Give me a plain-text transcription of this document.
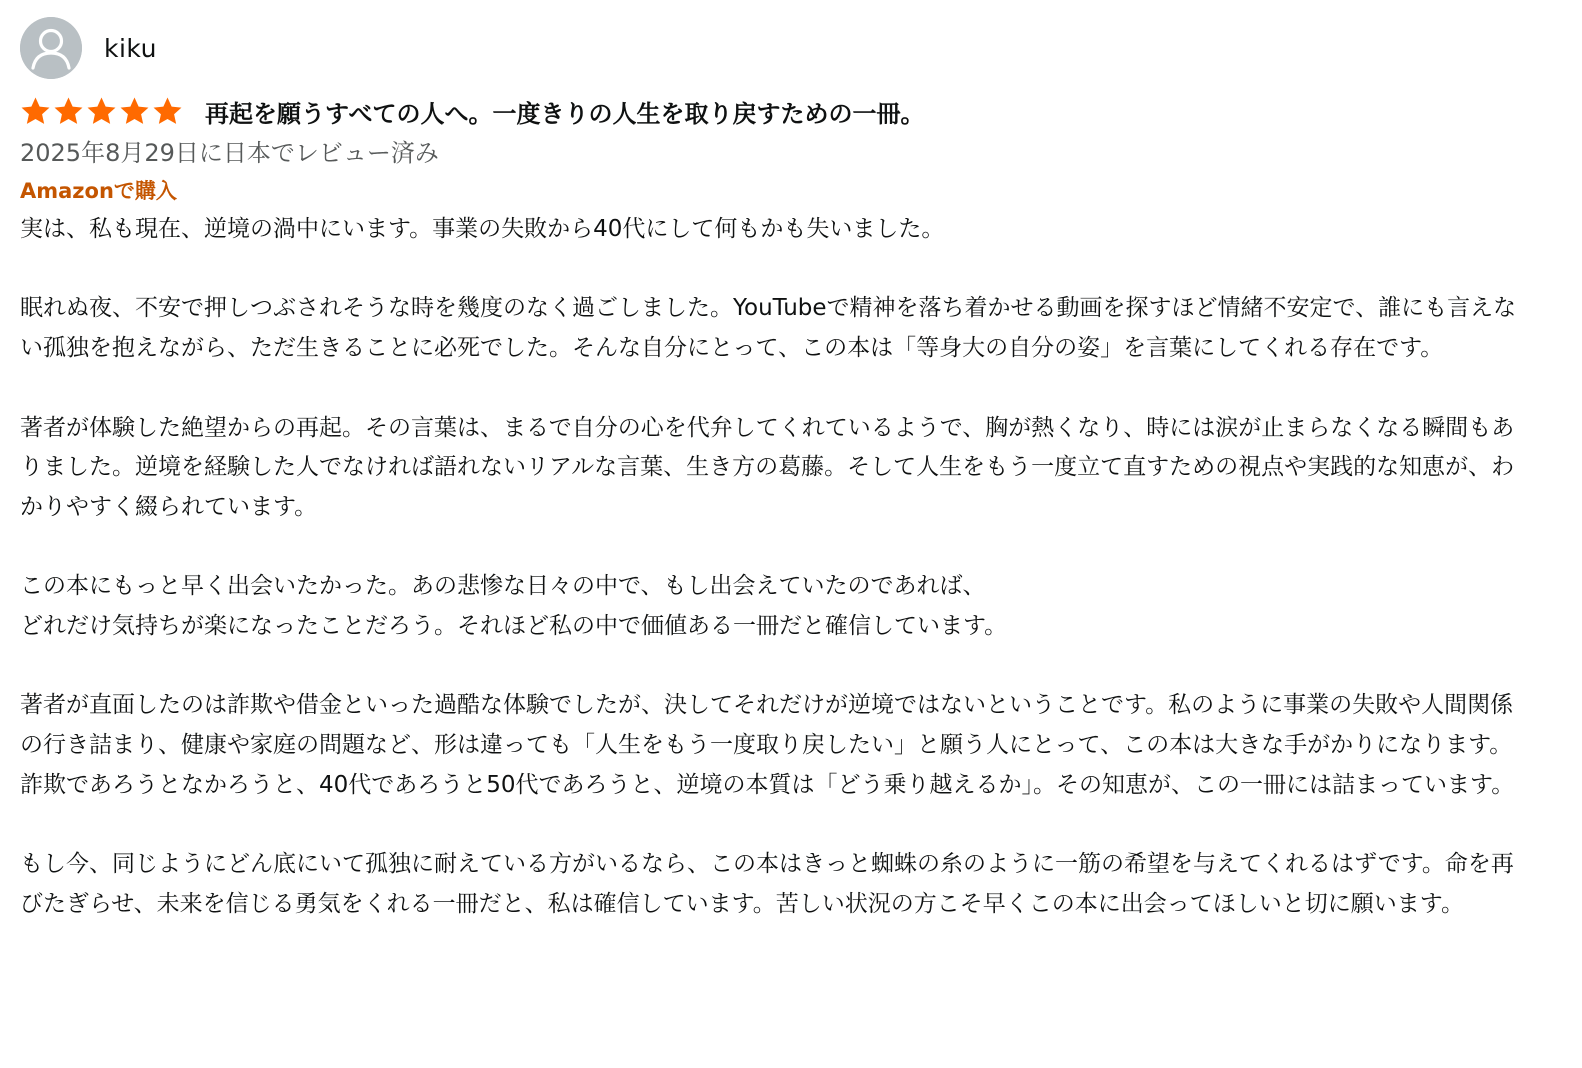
kiku
再起を願うすべての人へ。一度きりの人生を取り戻すための一冊。
2025年8月29日に日本でレビュー済み
Amazonで購入
実は、私も現在、逆境の渦中にいます。事業の失敗から40代にして何もかも失いました。

眠れぬ夜、不安で押しつぶされそうな時を幾度のなく過ごしました。YouTubeで精神を落ち着かせる動画を探すほど情緒不安定で、誰にも言えない孤独を抱えながら、ただ生きることに必死でした。そんな自分にとって、この本は「等身大の自分の姿」を言葉にしてくれる存在です。

著者が体験した絶望からの再起。その言葉は、まるで自分の心を代弁してくれているようで、胸が熱くなり、時には涙が止まらなくなる瞬間もありました。逆境を経験した人でなければ語れないリアルな言葉、生き方の葛藤。そして人生をもう一度立て直すための視点や実践的な知恵が、わかりやすく綴られています。

この本にもっと早く出会いたかった。あの悲惨な日々の中で、もし出会えていたのであれば、
どれだけ気持ちが楽になったことだろう。それほど私の中で価値ある一冊だと確信しています。

著者が直面したのは詐欺や借金といった過酷な体験でしたが、決してそれだけが逆境ではないということです。私のように事業の失敗や人間関係の行き詰まり、健康や家庭の問題など、形は違っても「人生をもう一度取り戻したい」と願う人にとって、この本は大きな手がかりになります。詐欺であろうとなかろうと、40代であろうと50代であろうと、逆境の本質は「どう乗り越えるか」。その知恵が、この一冊には詰まっています。

もし今、同じようにどん底にいて孤独に耐えている方がいるなら、この本はきっと蜘蛛の糸のように一筋の希望を与えてくれるはずです。命を再びたぎらせ、未来を信じる勇気をくれる一冊だと、私は確信しています。苦しい状況の方こそ早くこの本に出会ってほしいと切に願います。
